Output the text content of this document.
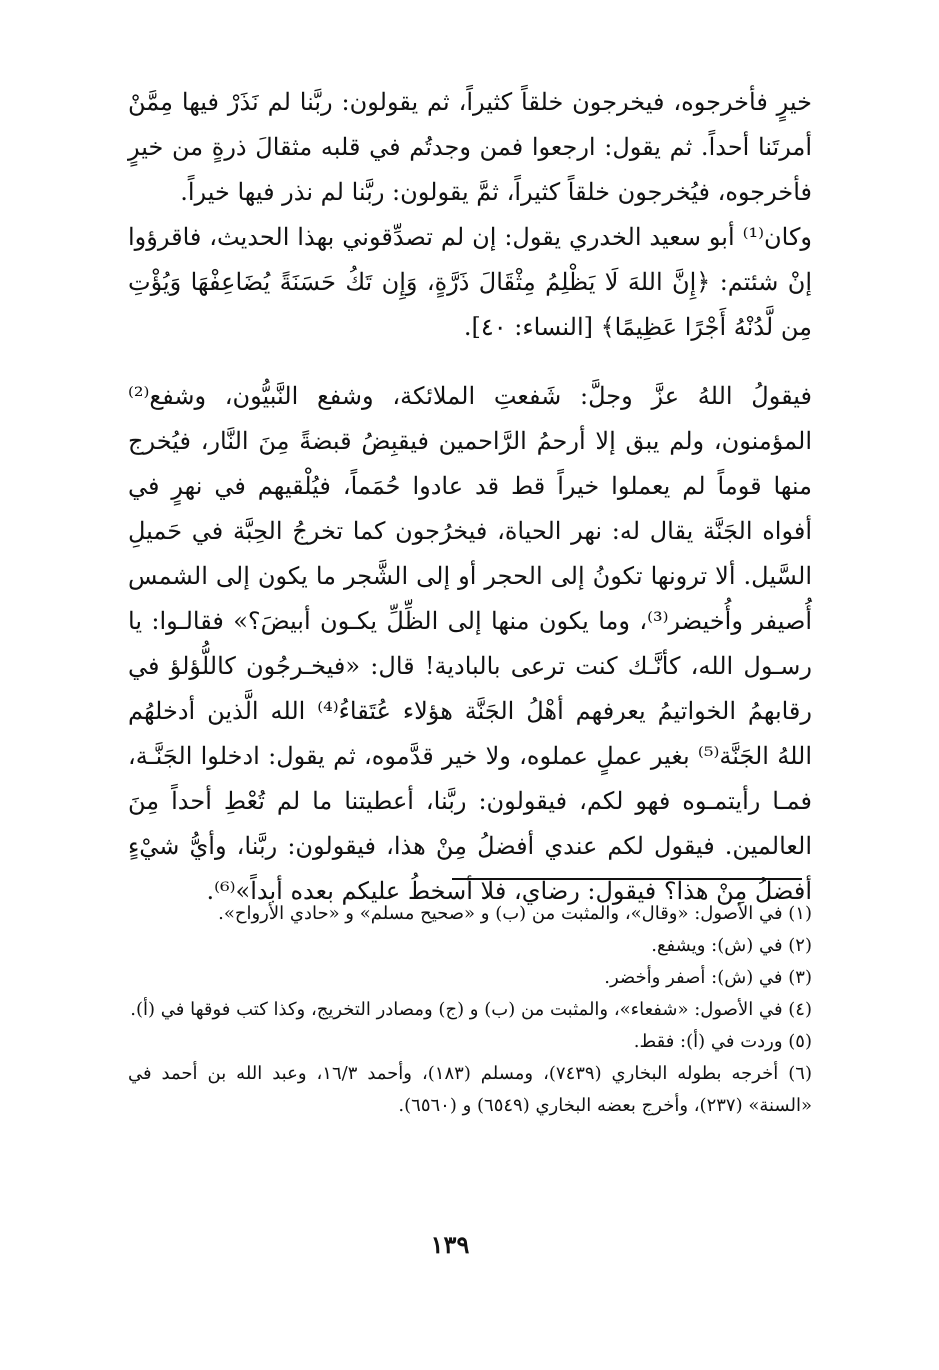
خيرٍ فأخرجوه، فيخرجون خلقاً كثيراً، ثم يقولون: ربَّنا لم نَذَرْ فيها مِمَّنْ أمرتَنا أحداً. ثم يقول: ارجعوا فمن وجدتُم في قلبه مثقالَ ذرةٍ من خيرٍ فأخرجوه، فيُخرجون خلقاً كثيراً، ثمَّ يقولون: ربَّنا لم نذر فيها خيراً.

وكان⁽¹⁾ أبو سعيد الخدري يقول: إن لم تصدِّقوني بهذا الحديث، فاقرؤوا إنْ شئتم: ﴿إِنَّ اللهَ لَا يَظْلِمُ مِثْقَالَ ذَرَّةٍ، وَإِن تَكُ حَسَنَةً يُضَاعِفْهَا وَيُؤْتِ مِن لَّدُنْهُ أَجْرًا عَظِيمًا﴾ [النساء: ٤٠].

فيقولُ اللهُ عزَّ وجلَّ: شَفعتِ الملائكة، وشفع النَّبيُّون، وشفع⁽²⁾ المؤمنون، ولم يبق إلا أرحمُ الرَّاحمين فيقبِضُ قبضةً مِنَ النَّار، فيُخرج منها قوماً لم يعملوا خيراً قط قد عادوا حُمَماً، فيُلْقيهم في نهرٍ في أفواه الجَنَّة يقال له: نهر الحياة، فيخرُجون كما تخرجُ الحِبَّة في حَميلِ السَّيل. ألا ترونها تكونُ إلى الحجر أو إلى الشَّجر ما يكون إلى الشمس أُصيفر وأُخيضر⁽³⁾، وما يكون منها إلى الظِّلِّ يكـون أبيضَ؟» فقالـوا: يا رسـول الله، كأنَّـك كنت ترعى بالبادية! قال: «فيخـرجُون كاللُّؤلؤ في رقابهمُ الخواتيمُ يعرفهم أهْلُ الجَنَّة هؤلاء عُتَقاءُ⁽⁴⁾ الله الَّذين أدخلهُم اللهُ الجَنَّة⁽⁵⁾ بغير عملٍ عملوه، ولا خير قدَّموه، ثم يقول: ادخلوا الجَنَّـة، فمـا رأيتمـوه فهو لكم، فيقولون: ربَّنا، أعطيتنا ما لم تُعْطِ أحداً مِنَ العالمين. فيقول لكم عندي أفضلُ مِنْ هذا، فيقولون: ربَّنا، وأيُّ شيْءٍ أفضلُ مِنْ هذا؟ فيقول: رضاي، فلا أسخطُ عليكم بعده أبداً»⁽⁶⁾.

(١) في الأصول: «وقال»، والمثبت من (ب) و «صحيح مسلم» و «حادي الأرواح».

(٢) في (ش): ويشفع.

(٣) في (ش): أصفر وأخضر.

(٤) في الأصول: «شفعاء»، والمثبت من (ب) و (ج) ومصادر التخريج، وكذا كتب فوقها في (أ).

(٥) وردت في (أ): فقط.

(٦) أخرجه بطوله البخاري (٧٤٣٩)، ومسلم (١٨٣)، وأحمد ١٦/٣، وعبد الله بن أحمد في «السنة» (٢٣٧)، وأخرج بعضه البخاري (٦٥٤٩) و (٦٥٦٠).

١٣٩
